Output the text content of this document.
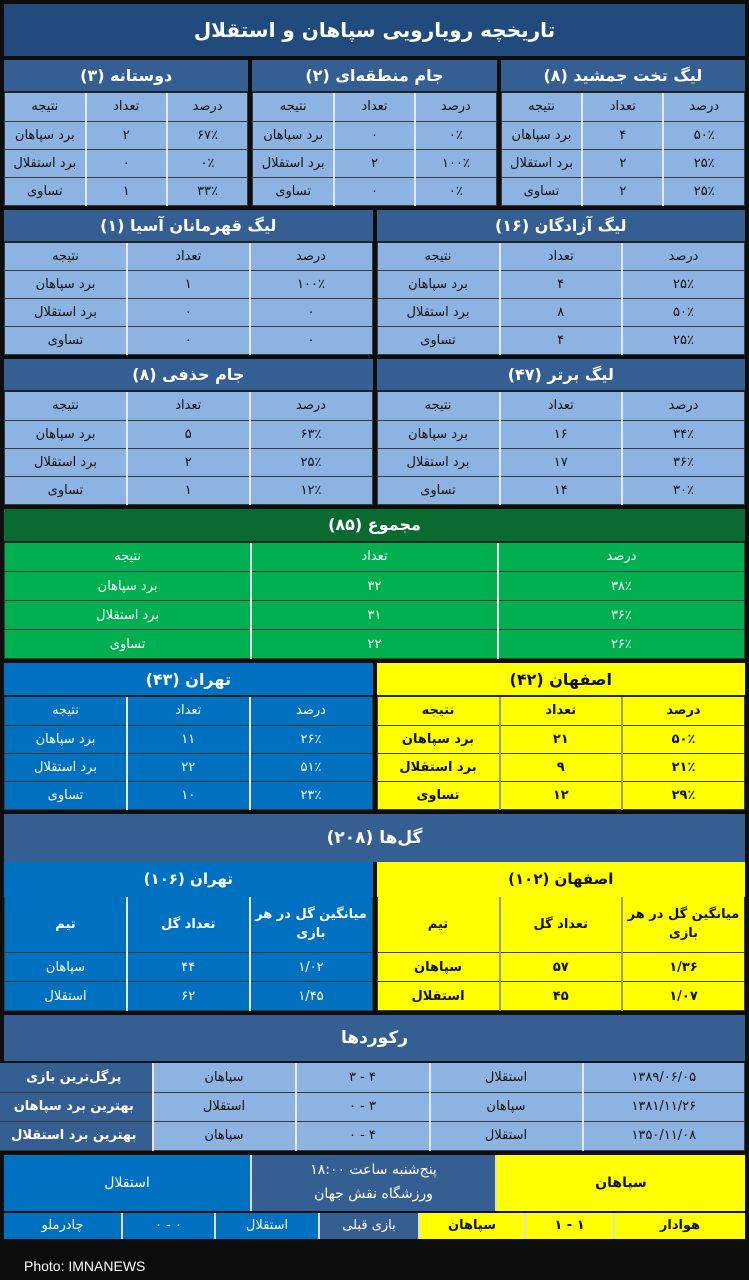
تاریخچه رویارویی سپاهان و استقلال
لیگ تخت جمشید (۸)
درصد	تعداد	نتیجه
۵۰٪	۴	برد سپاهان
۲۵٪	۲	برد استقلال
۲۵٪	۲	تساوی
جام منطقه‌ای (۲)
درصد	تعداد	نتیجه
۰٪	۰	برد سپاهان
۱۰۰٪	۲	برد استقلال
۰٪	۰	تساوی
دوستانه (۳)
درصد	تعداد	نتیجه
۶۷٪	۲	برد سپاهان
۰٪	۰	برد استقلال
۳۳٪	۱	تساوی
لیگ آزادگان (۱۶)
درصد	تعداد	نتیجه
۲۵٪	۴	برد سپاهان
۵۰٪	۸	برد استقلال
۲۵٪	۴	تساوی
لیگ قهرمانان آسیا (۱)
درصد	تعداد	نتیجه
۱۰۰٪	۱	برد سپاهان
۰	۰	برد استقلال
۰	۰	تساوی
لیگ برتر (۴۷)
درصد	تعداد	نتیجه
۳۴٪	۱۶	برد سپاهان
۳۶٪	۱۷	برد استقلال
۳۰٪	۱۴	تساوی
جام حذفی (۸)
درصد	تعداد	نتیجه
۶۳٪	۵	برد سپاهان
۲۵٪	۲	برد استقلال
۱۲٪	۱	تساوی
مجموع (۸۵)
درصد	تعداد	نتیجه
۳۸٪	۳۲	برد سپاهان
۳۶٪	۳۱	برد استقلال
۲۶٪	۲۲	تساوی
اصفهان (۴۲)
درصد	تعداد	نتیجه
۵۰٪	۲۱	برد سپاهان
۲۱٪	۹	برد استقلال
۲۹٪	۱۲	تساوی
تهران (۴۳)
درصد	تعداد	نتیجه
۲۶٪	۱۱	برد سپاهان
۵۱٪	۲۲	برد استقلال
۲۳٪	۱۰	تساوی
گل‌ها (۲۰۸)
اصفهان (۱۰۲)
میانگین گل در هر بازی	تعداد گل	تیم
۱/۳۶	۵۷	سپاهان
۱/۰۷	۴۵	استقلال
تهران (۱۰۶)
میانگین گل در هر بازی	تعداد گل	تیم
۱/۰۲	۴۴	سپاهان
۱/۴۵	۶۲	استقلال
رکوردها
۱۳۸۹/۰۶/۰۵	استقلال	۴ - ۳	سپاهان	پرگل‌ترین بازی
۱۳۸۱/۱۱/۲۶	سپاهان	۳ - ۰	استقلال	بهترین برد سپاهان
۱۳۵۰/۱۱/۰۸	استقلال	۴ - ۰	سپاهان	بهترین برد استقلال
سپاهان
پنج‌شنبه ساعت ۱۸:۰۰
ورزشگاه نقش جهان
استقلال
هوادار
۱ - ۱
سپاهان
بازی قبلی
استقلال
۰ - ۰
چادرملو
Photo: IMNANEWS
